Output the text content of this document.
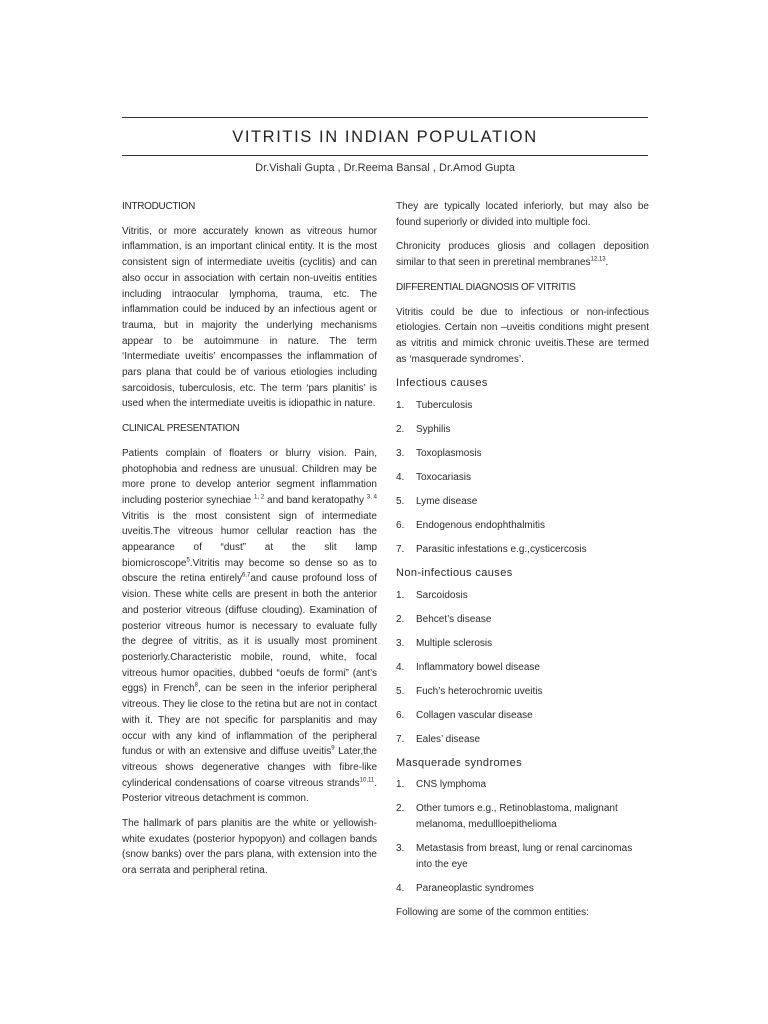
VITRITIS IN INDIAN POPULATION
Dr.Vishali Gupta , Dr.Reema Bansal , Dr.Amod Gupta
INTRODUCTION

Vitritis, or more accurately known as vitreous humor inflammation, is an important clinical entity. It is the most consistent sign of intermediate uveitis (cyclitis) and can also occur in association with certain non-uveitis entities including intraocular lymphoma, trauma, etc. The inflammation could be induced by an infectious agent or trauma, but in majority the underlying mechanisms appear to be autoimmune in nature. The term ‘Intermediate uveitis’ encompasses the inflammation of pars plana that could be of various etiologies including sarcoidosis, tuberculosis, etc. The term ‘pars planitis’ is used when the intermediate uveitis is idiopathic in nature.

CLINICAL PRESENTATION

Patients complain of floaters or blurry vision. Pain, photophobia and redness are unusual. Children may be more prone to develop anterior segment inflammation including posterior synechiae $^{1, 2}$ and band keratopathy $^{3, 4}$ Vitritis is the most consistent sign of intermediate uveitis.The vitreous humor cellular reaction has the appearance of “dust” at the slit lamp biomicroscope$^5$.Vitritis may become so dense so as to obscure the retina entirely$^{6,7}$and cause profound loss of vision. These white cells are present in both the anterior and posterior vitreous (diffuse clouding). Examination of posterior vitreous humor is necessary to evaluate fully the degree of vitritis, as it is usually most prominent posteriorly.Characteristic mobile, round, white, focal vitreous humor opacities, dubbed “oeufs de formi” (ant’s eggs) in French$^8$, can be seen in the inferior peripheral vitreous. They lie close to the retina but are not in contact with it. They are not specific for parsplanitis and may occur with any kind of inflammation of the peripheral fundus or with an extensive and diffuse uveitis$^9$ Later,the vitreous shows degenerative changes with fibre-like cylinderical condensations of coarse vitreous strands$^{10,11}$. Posterior vitreous detachment is common.

The hallmark of pars planitis are the white or yellowish-white exudates (posterior hypopyon) and collagen bands (snow banks) over the pars plana, with extension into the ora serrata and peripheral retina.

They are typically located inferiorly, but may also be found superiorly or divided into multiple foci.

Chronicity produces gliosis and collagen deposition similar to that seen in preretinal membranes$^{12,13}$.

DIFFERENTIAL DIAGNOSIS OF VITRITIS

Vitritis could be due to infectious or non-infectious etiologies. Certain non –uveitis conditions might present as vitritis and mimick chronic uveitis.These are termed as ‘masquerade syndromes’.

Infectious causes
1.	Tuberculosis
2.	Syphilis
3.	Toxoplasmosis
4.	Toxocariasis
5.	Lyme disease
6.	Endogenous endophthalmitis
7.	Parasitic infestations e.g.,cysticercosis
Non-infectious causes
1.	Sarcoidosis
2.	Behcet’s disease
3.	Multiple sclerosis
4.	Inflammatory bowel disease
5.	Fuch’s heterochromic uveitis
6.	Collagen vascular disease
7.	Eales’ disease
Masquerade syndromes
1.	CNS lymphoma
2.	Other tumors e.g., Retinoblastoma, malignant melanoma, medullloepithelioma
3.	Metastasis from breast, lung or renal carcinomas into the eye
4.	Paraneoplastic syndromes

Following are some of the common entities:
